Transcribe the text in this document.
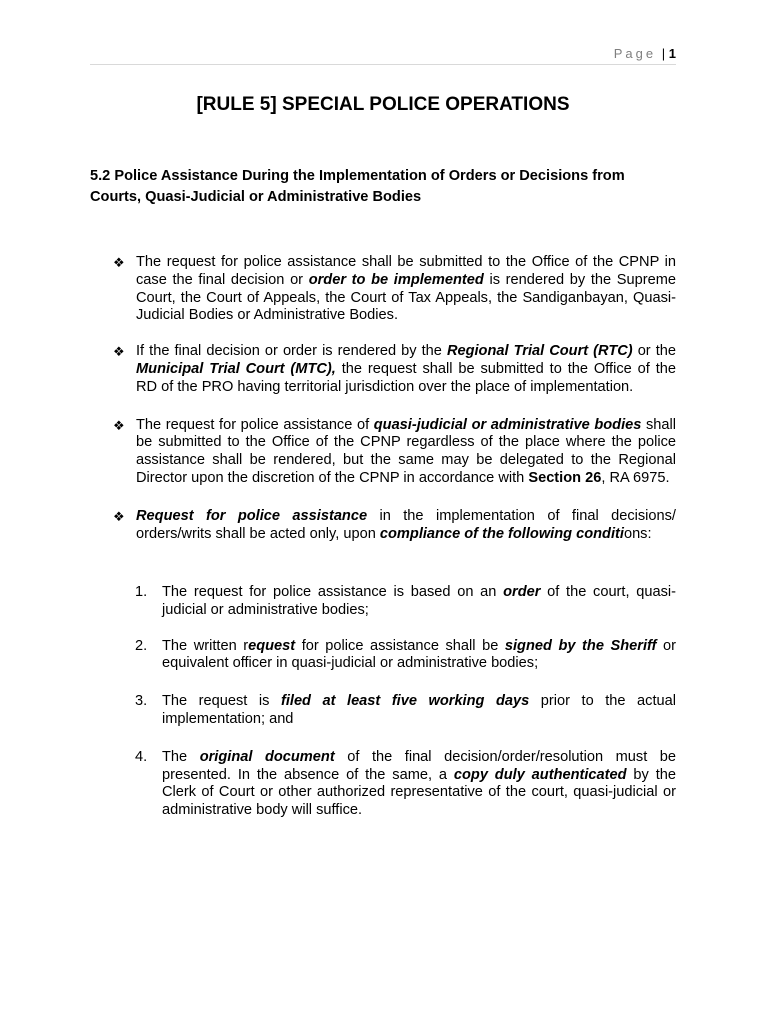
Page | 1
[RULE 5] SPECIAL POLICE OPERATIONS
5.2 Police Assistance During the Implementation of Orders or Decisions from Courts, Quasi-Judicial or Administrative Bodies
❖ The request for police assistance shall be submitted to the Office of the CPNP in case the final decision or order to be implemented is rendered by the Supreme Court, the Court of Appeals, the Court of Tax Appeals, the Sandiganbayan, Quasi- Judicial Bodies or Administrative Bodies.
❖ If the final decision or order is rendered by the Regional Trial Court (RTC) or the Municipal Trial Court (MTC), the request shall be submitted to the Office of the RD of the PRO having territorial jurisdiction over the place of implementation.
❖ The request for police assistance of quasi-judicial or administrative bodies shall be submitted to the Office of the CPNP regardless of the place where the police assistance shall be rendered, but the same may be delegated to the Regional Director upon the discretion of the CPNP in accordance with Section 26, RA 6975.
❖ Request for police assistance in the implementation of final decisions/ orders/writs shall be acted only, upon compliance of the following conditions:
1. The request for police assistance is based on an order of the court, quasi-judicial or administrative bodies;
2. The written request for police assistance shall be signed by the Sheriff or equivalent officer in quasi-judicial or administrative bodies;
3. The request is filed at least five working days prior to the actual implementation; and
4. The original document of the final decision/order/resolution must be presented. In the absence of the same, a copy duly authenticated by the Clerk of Court or other authorized representative of the court, quasi-judicial or administrative body will suffice.
